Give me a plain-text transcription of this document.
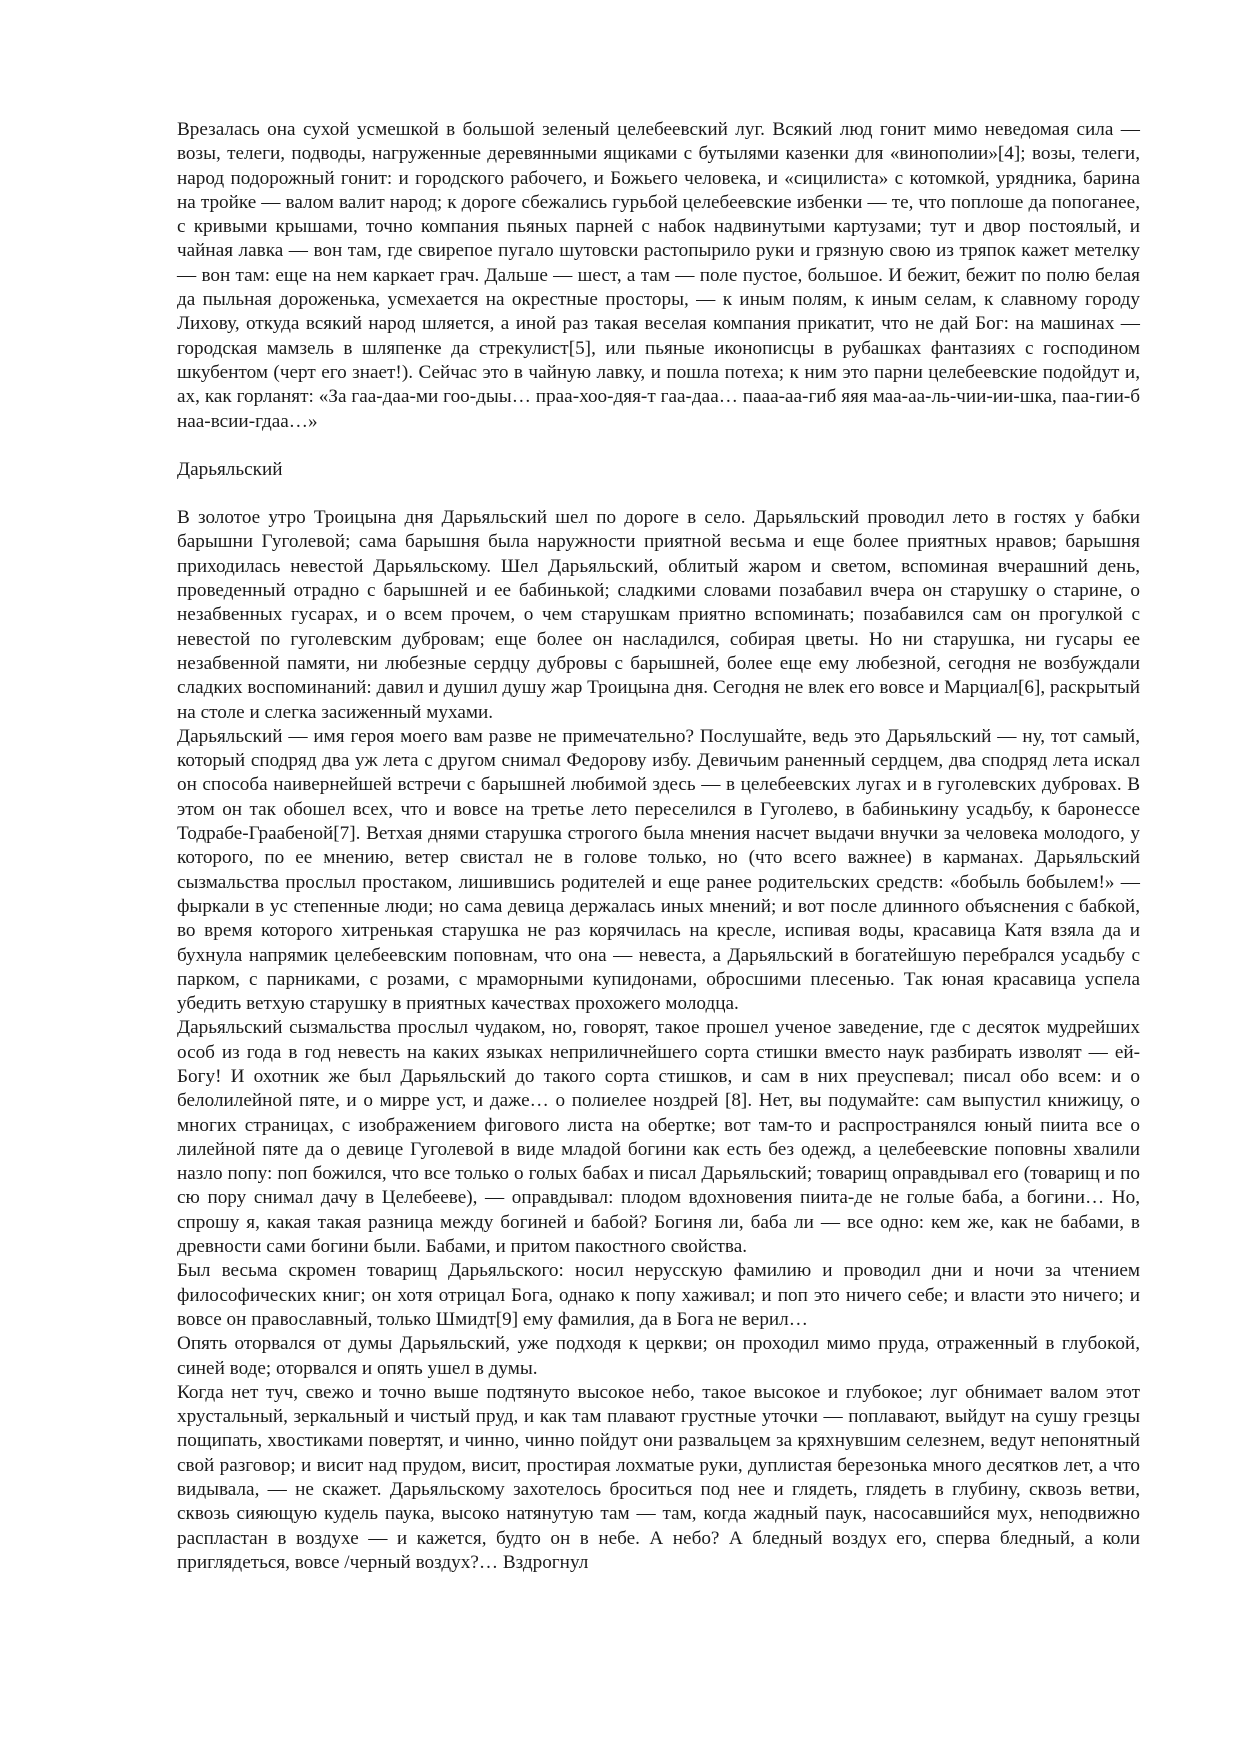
Врезалась она сухой усмешкой в большой зеленый целебеевский луг. Всякий люд гонит мимо неведомая сила — возы, телеги, подводы, нагруженные деревянными ящиками с бутылями казенки для «винополии»[4]; возы, телеги, народ подорожный гонит: и городского рабочего, и Божьего человека, и «сицилиста» с котомкой, урядника, барина на тройке — валом валит народ; к дороге сбежались гурьбой целебеевские избенки — те, что поплоше да попоганее, с кривыми крышами, точно компания пьяных парней с набок надвинутыми картузами; тут и двор постоялый, и чайная лавка — вон там, где свирепое пугало шутовски растопырило руки и грязную свою из тряпок кажет метелку — вон там: еще на нем каркает грач. Дальше — шест, а там — поле пустое, большое. И бежит, бежит по полю белая да пыльная дороженька, усмехается на окрестные просторы, — к иным полям, к иным селам, к славному городу Лихову, откуда всякий народ шляется, а иной раз такая веселая компания прикатит, что не дай Бог: на машинах — городская мамзель в шляпенке да стрекулист[5], или пьяные иконописцы в рубашках фантазиях с господином шкубентом (черт его знает!). Сейчас это в чайную лавку, и пошла потеха; к ним это парни целебеевские подойдут и, ах, как горланят: «За гаа-даа-ми гоо-дыы… праа-хоо-дяя-т гаа-даа… пааа-аа-гиб яяя маа-аа-ль-чии-ии-шка, паа-гии-б наа-всии-гдаа…»

Дарьяльский

В золотое утро Троицына дня Дарьяльский шел по дороге в село. Дарьяльский проводил лето в гостях у бабки барышни Гуголевой; сама барышня была наружности приятной весьма и еще более приятных нравов; барышня приходилась невестой Дарьяльскому. Шел Дарьяльский, облитый жаром и светом, вспоминая вчерашний день, проведенный отрадно с барышней и ее бабинькой; сладкими словами позабавил вчера он старушку о старине, о незабвенных гусарах, и о всем прочем, о чем старушкам приятно вспоминать; позабавился сам он прогулкой с невестой по гуголевским дубровам; еще более он насладился, собирая цветы. Но ни старушка, ни гусары ее незабвенной памяти, ни любезные сердцу дубровы с барышней, более еще ему любезной, сегодня не возбуждали сладких воспоминаний: давил и душил душу жар Троицына дня. Сегодня не влек его вовсе и Марциал[6], раскрытый на столе и слегка засиженный мухами.

Дарьяльский — имя героя моего вам разве не примечательно? Послушайте, ведь это Дарьяльский — ну, тот самый, который сподряд два уж лета с другом снимал Федорову избу. Девичьим раненный сердцем, два сподряд лета искал он способа наивернейшей встречи с барышней любимой здесь — в целебеевских лугах и в гуголевских дубровах. В этом он так обошел всех, что и вовсе на третье лето переселился в Гуголево, в бабинькину усадьбу, к баронессе Тодрабе-Граабеной[7]. Ветхая днями старушка строгого была мнения насчет выдачи внучки за человека молодого, у которого, по ее мнению, ветер свистал не в голове только, но (что всего важнее) в карманах. Дарьяльский сызмальства прослыл простаком, лишившись родителей и еще ранее родительских средств: «бобыль бобылем!» — фыркали в ус степенные люди; но сама девица держалась иных мнений; и вот после длинного объяснения с бабкой, во время которого хитренькая старушка не раз корячилась на кресле, испивая воды, красавица Катя взяла да и бухнула напрямик целебеевским поповнам, что она — невеста, а Дарьяльский в богатейшую перебрался усадьбу с парком, с парниками, с розами, с мраморными купидонами, обросшими плесенью. Так юная красавица успела убедить ветхую старушку в приятных качествах прохожего молодца.

Дарьяльский сызмальства прослыл чудаком, но, говорят, такое прошел ученое заведение, где с десяток мудрейших особ из года в год невесть на каких языках неприличнейшего сорта стишки вместо наук разбирать изволят — ей-Богу! И охотник же был Дарьяльский до такого сорта стишков, и сам в них преуспевал; писал обо всем: и о белолилейной пяте, и о мирре уст, и даже… о полиелее ноздрей [8]. Нет, вы подумайте: сам выпустил книжицу, о многих страницах, с изображением фигового листа на обертке; вот там-то и распространялся юный пиита все о лилейной пяте да о девице Гуголевой в виде младой богини как есть без одежд, а целебеевские поповны хвалили назло попу: поп божился, что все только о голых бабах и писал Дарьяльский; товарищ оправдывал его (товарищ и по сю пору снимал дачу в Целебееве), — оправдывал: плодом вдохновения пиита-де не голые баба, а богини… Но, спрошу я, какая такая разница между богиней и бабой? Богиня ли, баба ли — все одно: кем же, как не бабами, в древности сами богини были. Бабами, и притом пакостного свойства.

Был весьма скромен товарищ Дарьяльского: носил нерусскую фамилию и проводил дни и ночи за чтением философических книг; он хотя отрицал Бога, однако к попу хаживал; и поп это ничего себе; и власти это ничего; и вовсе он православный, только Шмидт[9] ему фамилия, да в Бога не верил…

Опять оторвался от думы Дарьяльский, уже подходя к церкви; он проходил мимо пруда, отраженный в глубокой, синей воде; оторвался и опять ушел в думы.

Когда нет туч, свежо и точно выше подтянуто высокое небо, такое высокое и глубокое; луг обнимает валом этот хрустальный, зеркальный и чистый пруд, и как там плавают грустные уточки — поплавают, выйдут на сушу грезцы пощипать, хвостиками повертят, и чинно, чинно пойдут они развальцем за кряхнувшим селезнем, ведут непонятный свой разговор; и висит над прудом, висит, простирая лохматые руки, дуплистая березонька много десятков лет, а что видывала, — не скажет. Дарьяльскому захотелось броситься под нее и глядеть, глядеть в глубину, сквозь ветви, сквозь сияющую кудель паука, высоко натянутую там — там, когда жадный паук, насосавшийся мух, неподвижно распластан в воздухе — и кажется, будто он в небе. А небо? А бледный воздух его, сперва бледный, а коли приглядеться, вовсе /черный воздух?… Вздрогнул
